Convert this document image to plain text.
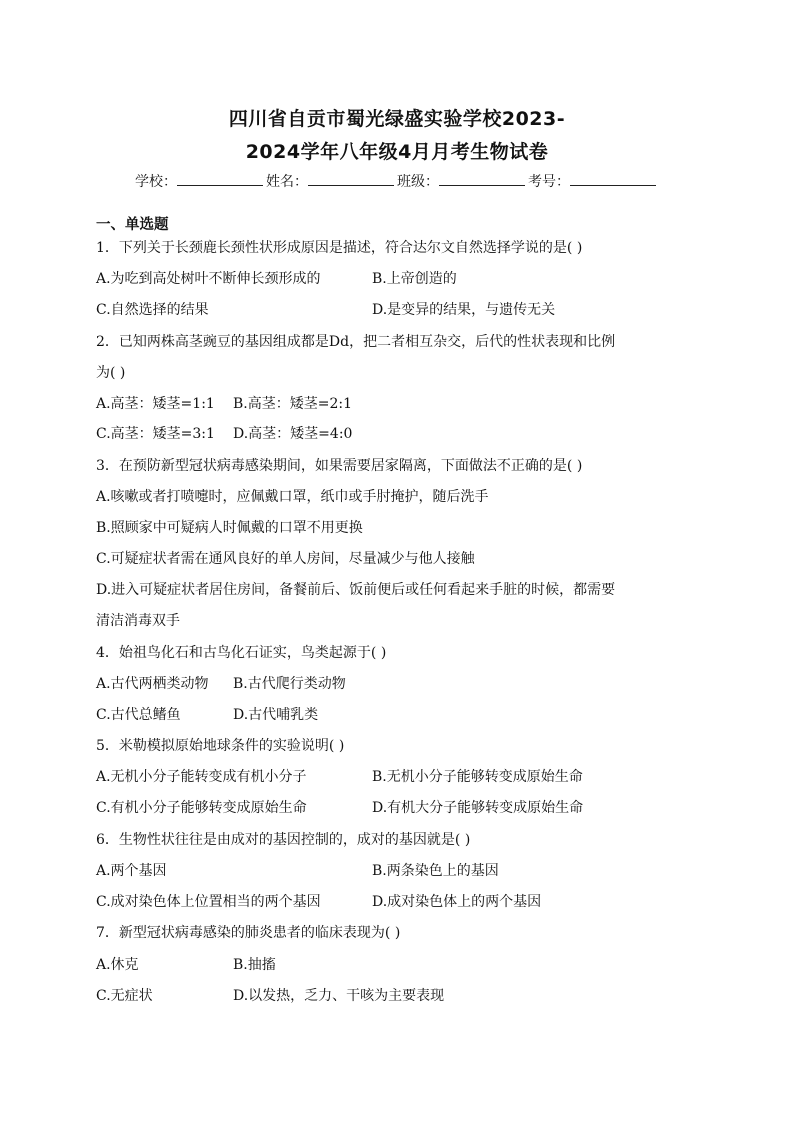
四川省自贡市蜀光绿盛实验学校2023-
2024学年八年级4月月考生物试卷
学校：	姓名：	班级：	考号：
一、单选题
1．下列关于长颈鹿长颈性状形成原因是描述，符合达尔文自然选择学说的是( )
A.为吃到高处树叶不断伸长颈形成的	B.上帝创造的
C.自然选择的结果	D.是变异的结果，与遗传无关
2．已知两株高茎豌豆的基因组成都是Dd，把二者相互杂交，后代的性状表现和比例
为( )
A.高茎：矮茎=1:1 B.高茎：矮茎=2:1
C.高茎：矮茎=3:1 D.高茎：矮茎=4:0
3．在预防新型冠状病毒感染期间，如果需要居家隔离，下面做法不正确的是( )
A.咳嗽或者打喷嚏时，应佩戴口罩，纸巾或手肘掩护，随后洗手
B.照顾家中可疑病人时佩戴的口罩不用更换
C.可疑症状者需在通风良好的单人房间，尽量减少与他人接触
D.进入可疑症状者居住房间，备餐前后、饭前便后或任何看起来手脏的时候，都需要
清洁消毒双手
4．始祖鸟化石和古鸟化石证实，鸟类起源于( )
A.古代两栖类动物 B.古代爬行类动物
C.古代总鳍鱼	D.古代哺乳类
5．米勒模拟原始地球条件的实验说明( )
A.无机小分子能转变成有机小分子	B.无机小分子能够转变成原始生命
C.有机小分子能够转变成原始生命	D.有机大分子能够转变成原始生命
6．生物性状往往是由成对的基因控制的，成对的基因就是( )
A.两个基因	B.两条染色上的基因
C.成对染色体上位置相当的两个基因	D.成对染色体上的两个基因
7．新型冠状病毒感染的肺炎患者的临床表现为( )
A.休克	B.抽搐
C.无症状	D.以发热，乏力、干咳为主要表现
